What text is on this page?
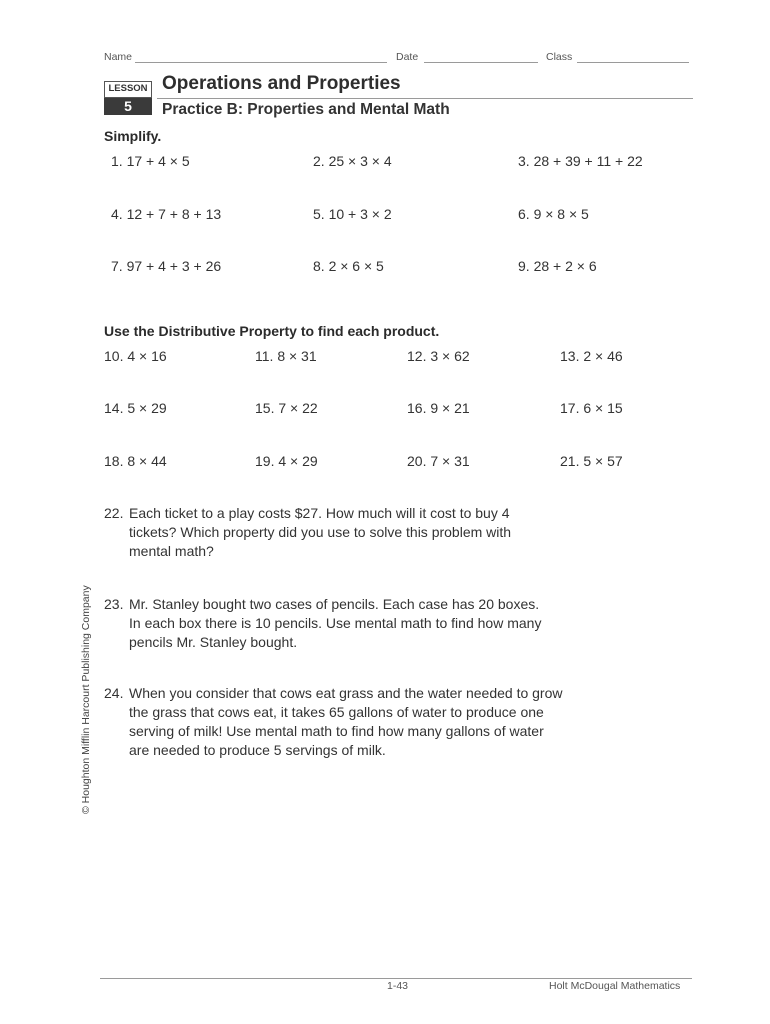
Name	Date	Class
LESSON
5
Operations and Properties
Practice B: Properties and Mental Math
Simplify.
1. 17 + 4 × 5	2. 25 × 3 × 4	3. 28 + 39 + 11 + 22
4. 12 + 7 + 8 + 13	5. 10 + 3 × 2	6. 9 × 8 × 5
7. 97 + 4 + 3 + 26	8. 2 × 6 × 5	9. 28 + 2 × 6
Use the Distributive Property to find each product.
10. 4 × 16	11. 8 × 31	12. 3 × 62	13. 2 × 46
14. 5 × 29	15. 7 × 22	16. 9 × 21	17. 6 × 15
18. 8 × 44	19. 4 × 29	20. 7 × 31	21. 5 × 57
22. Each ticket to a play costs $27. How much will it cost to buy 4 tickets? Which property did you use to solve this problem with mental math?
23. Mr. Stanley bought two cases of pencils. Each case has 20 boxes. In each box there is 10 pencils. Use mental math to find how many pencils Mr. Stanley bought.
24. When you consider that cows eat grass and the water needed to grow the grass that cows eat, it takes 65 gallons of water to produce one serving of milk! Use mental math to find how many gallons of water are needed to produce 5 servings of milk.
© Houghton Mifflin Harcourt Publishing Company
1-43	Holt McDougal Mathematics
